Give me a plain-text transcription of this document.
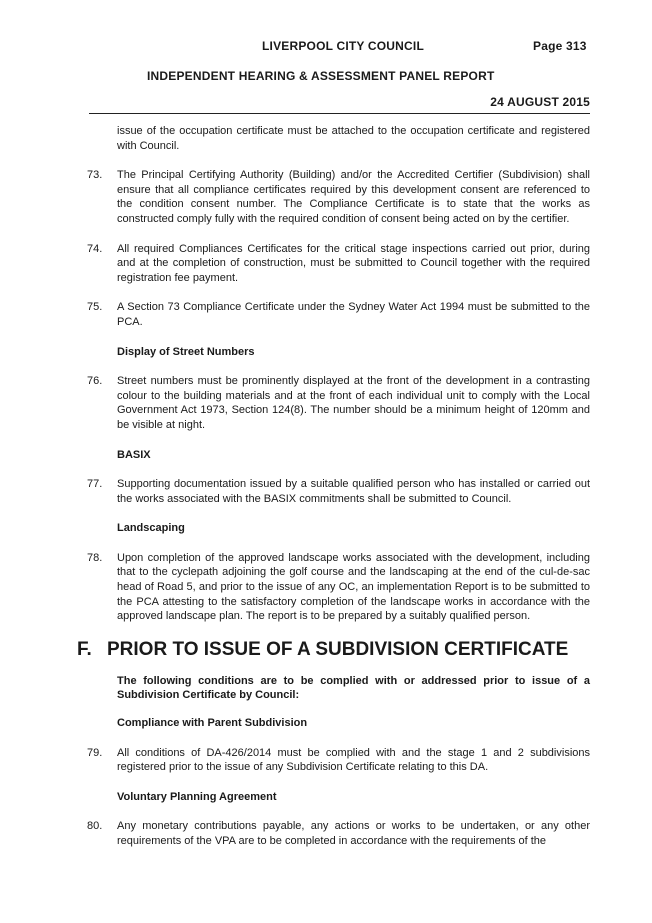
LIVERPOOL CITY COUNCIL	Page 313
INDEPENDENT HEARING & ASSESSMENT PANEL REPORT
24 AUGUST 2015

issue of the occupation certificate must be attached to the occupation certificate and registered with Council.

73. The Principal Certifying Authority (Building) and/or the Accredited Certifier (Subdivision) shall ensure that all compliance certificates required by this development consent are referenced to the condition consent number. The Compliance Certificate is to state that the works as constructed comply fully with the required condition of consent being acted on by the certifier.

74. All required Compliances Certificates for the critical stage inspections carried out prior, during and at the completion of construction, must be submitted to Council together with the required registration fee payment.

75. A Section 73 Compliance Certificate under the Sydney Water Act 1994 must be submitted to the PCA.

Display of Street Numbers

76. Street numbers must be prominently displayed at the front of the development in a contrasting colour to the building materials and at the front of each individual unit to comply with the Local Government Act 1973, Section 124(8). The number should be a minimum height of 120mm and be visible at night.

BASIX

77. Supporting documentation issued by a suitable qualified person who has installed or carried out the works associated with the BASIX commitments shall be submitted to Council.

Landscaping

78. Upon completion of the approved landscape works associated with the development, including that to the cyclepath adjoining the golf course and the landscaping at the end of the cul-de-sac head of Road 5, and prior to the issue of any OC, an implementation Report is to be submitted to the PCA attesting to the satisfactory completion of the landscape works in accordance with the approved landscape plan. The report is to be prepared by a suitably qualified person.

F. PRIOR TO ISSUE OF A SUBDIVISION CERTIFICATE

The following conditions are to be complied with or addressed prior to issue of a Subdivision Certificate by Council:

Compliance with Parent Subdivision

79. All conditions of DA-426/2014 must be complied with and the stage 1 and 2 subdivisions registered prior to the issue of any Subdivision Certificate relating to this DA.

Voluntary Planning Agreement

80. Any monetary contributions payable, any actions or works to be undertaken, or any other requirements of the VPA are to be completed in accordance with the requirements of the
